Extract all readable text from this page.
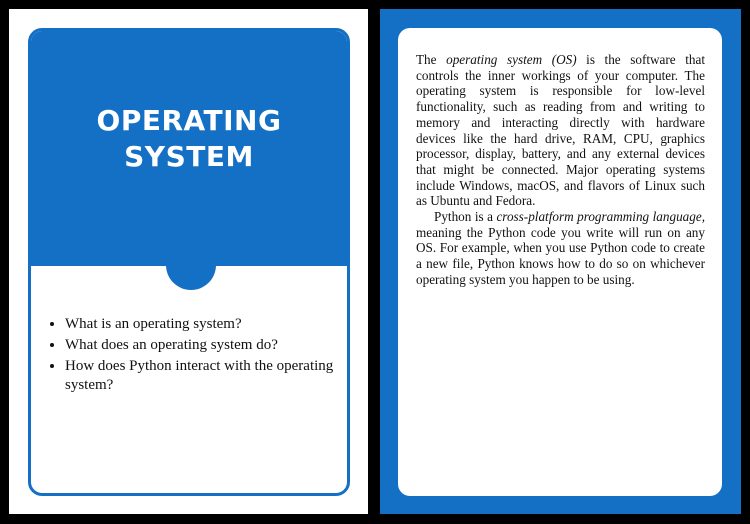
OPERATING
SYSTEM
• What is an operating system?
• What does an operating system do?
• How does Python interact with the operating system?

The operating system (OS) is the software that controls the inner workings of your computer. The operating system is responsible for low-level functionality, such as reading from and writing to memory and interacting directly with hardware devices like the hard drive, RAM, CPU, graphics processor, display, battery, and any external devices that might be connected. Major operating systems include Windows, macOS, and flavors of Linux such as Ubuntu and Fedora.

Python is a cross-platform programming language, meaning the Python code you write will run on any OS. For example, when you use Python code to create a new file, Python knows how to do so on whichever operating system you happen to be using.
